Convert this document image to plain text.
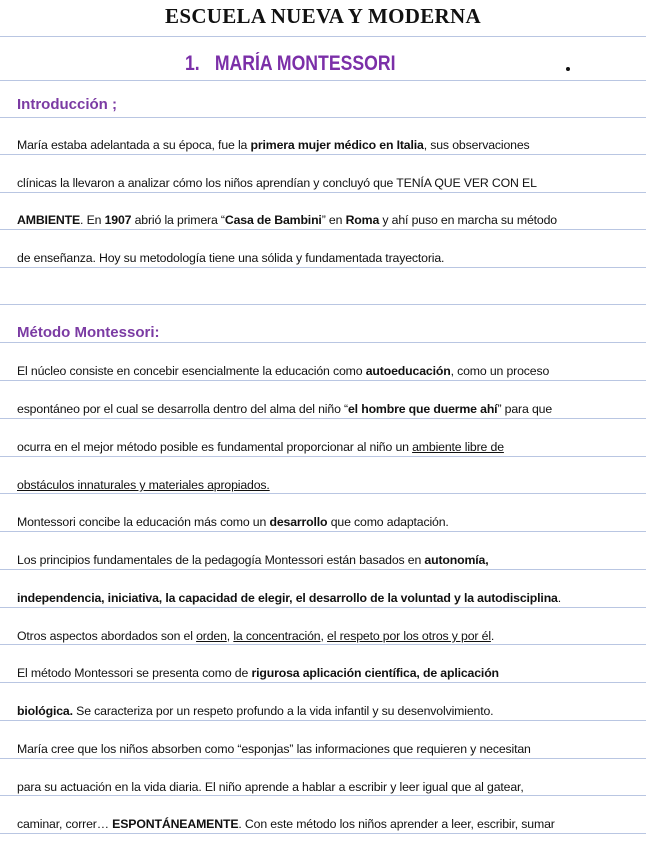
ESCUELA NUEVA Y MODERNA
1. MARÍA MONTESSORI
Introducción ;

María estaba adelantada a su época, fue la primera mujer médico en Italia, sus observaciones

clínicas la llevaron a analizar cómo los niños aprendían y concluyó que TENÍA QUE VER CON EL

AMBIENTE. En 1907 abrió la primera “Casa de Bambini” en Roma y ahí puso en marcha su método

de enseñanza. Hoy su metodología tiene una sólida y fundamentada trayectoria.

Método Montessori:

El núcleo consiste en concebir esencialmente la educación como autoeducación, como un proceso

espontáneo por el cual se desarrolla dentro del alma del niño “el hombre que duerme ahí” para que

ocurra en el mejor método posible es fundamental proporcionar al niño un ambiente libre de

obstáculos innaturales y materiales apropiados.

Montessori concibe la educación más como un desarrollo que como adaptación.

Los principios fundamentales de la pedagogía Montessori están basados en autonomía,

independencia, iniciativa, la capacidad de elegir, el desarrollo de la voluntad y la autodisciplina.

Otros aspectos abordados son el orden, la concentración, el respeto por los otros y por él.

El método Montessori se presenta como de rigurosa aplicación científica, de aplicación

biológica. Se caracteriza por un respeto profundo a la vida infantil y su desenvolvimiento.

María cree que los niños absorben como “esponjas” las informaciones que requieren y necesitan

para su actuación en la vida diaria. El niño aprende a hablar a escribir y leer igual que al gatear,

caminar, correr… ESPONTÁNEAMENTE. Con este método los niños aprender a leer, escribir, sumar
